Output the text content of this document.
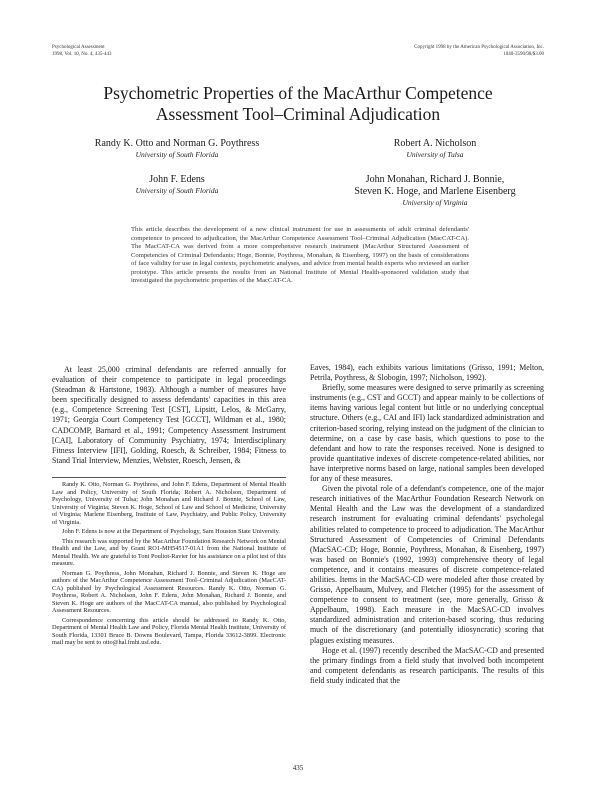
Psychological Assessment
1998, Vol. 10, No. 4, 435-443
Copyright 1998 by the American Psychological Association, Inc.
1040-3590/98/$3.00
Psychometric Properties of the MacArthur Competence
Assessment Tool–Criminal Adjudication
Randy K. Otto and Norman G. Poythress
University of South Florida
Robert A. Nicholson
University of Tulsa
John F. Edens
University of South Florida
John Monahan, Richard J. Bonnie,
Steven K. Hoge, and Marlene Eisenberg
University of Virginia
This article describes the development of a new clinical instrument for use in assessments of adult criminal defendants' competence to proceed to adjudication, the MacArthur Competence Assessment Tool–Criminal Adjudication (MacCAT-CA). The MacCAT-CA was derived from a more comprehensive research instrument (MacArthur Structured Assessment of Competencies of Criminal Defendants; Hoge, Bonnie, Poythress, Monahan, & Eisenberg, 1997) on the basis of considerations of face validity for use in legal contexts, psychometric analyses, and advice from mental health experts who reviewed an earlier prototype. This article presents the results from an National Institute of Mental Health-sponsored validation study that investigated the psychometric properties of the MacCAT-CA.

At least 25,000 criminal defendants are referred annually for evaluation of their competence to participate in legal proceedings (Steadman & Hartstone, 1983). Although a number of measures have been specifically designed to assess defendants' capacities in this area (e.g., Competence Screening Test [CST], Lipsitt, Lelos, & McGarry, 1971; Georgia Court Competency Test [GCCT], Wildman et al., 1980; CADCOMP, Barnard et al., 1991; Competency Assessment Instrument [CAI], Laboratory of Community Psychiatry, 1974; Interdisciplinary Fitness Interview [IFI], Golding, Roesch, & Schreiber, 1984; Fitness to Stand Trial Interview, Menzies, Webster, Roesch, Jensen, &

Randy K. Otto, Norman G. Poythress, and John F. Edens, Department of Mental Health Law and Policy, University of South Florida; Robert A. Nicholson, Department of Psychology, University of Tulsa; John Monahan and Richard J. Bonnie, School of Law, University of Virginia; Steven K. Hoge, School of Law and School of Medicine, University of Virginia; Marlene Eisenberg, Institute of Law, Psychiatry, and Public Policy, University of Virginia.

John F. Edens is now at the Department of Psychology, Sam Houston State University.

This research was supported by the MacArthur Foundation Research Network on Mental Health and the Law, and by Grant RO1-MH54517-01A1 from the National Institute of Mental Health. We are grateful to Toni Pouliot-Ravier for his assistance on a pilot test of this measure.

Norman G. Poythress, John Monahan, Richard J. Bonnie, and Steven K. Hoge are authors of the MacArthur Competence Assessment Tool–Criminal Adjudication (MacCAT-CA) published by Psychological Assessment Resources. Randy K. Otto, Norman G. Poythress, Robert A. Nicholson, John F. Edens, John Monahan, Richard J. Bonnie, and Steven K. Hoge are authors of the MacCAT-CA manual, also published by Psychological Assessment Resources.

Correspondence concerning this article should be addressed to Randy K. Otto, Department of Mental Health Law and Policy, Florida Mental Health Institute, University of South Florida, 13301 Bruce B. Downs Boulevard, Tampa, Florida 33612-3899. Electronic mail may be sent to otto@hal.fmhi.usf.edu.

Eaves, 1984), each exhibits various limitations (Grisso, 1991; Melton, Petrila, Poythress, & Slobogin, 1997; Nicholson, 1992).

Briefly, some measures were designed to serve primarily as screening instruments (e.g., CST and GCCT) and appear mainly to be collections of items having various legal content but little or no underlying conceptual structure. Others (e.g., CAI and IFI) lack standardized administration and criterion-based scoring, relying instead on the judgment of the clinician to determine, on a case by case basis, which questions to pose to the defendant and how to rate the responses received. None is designed to provide quantitative indexes of discrete competence-related abilities, nor have interpretive norms based on large, national samples been developed for any of these measures.

Given the pivotal role of a defendant's competence, one of the major research initiatives of the MacArthur Foundation Research Network on Mental Health and the Law was the development of a standardized research instrument for evaluating criminal defendants' psycholegal abilities related to competence to proceed to adjudication. The MacArthur Structured Assessment of Competencies of Criminal Defendants (MacSAC-CD; Hoge, Bonnie, Poythress, Monahan, & Eisenberg, 1997) was based on Bonnie's (1992, 1993) comprehensive theory of legal competence, and it contains measures of discrete competence-related abilities. Items in the MacSAC-CD were modeled after those created by Grisso, Appelbaum, Mulvey, and Fletcher (1995) for the assessment of competence to consent to treatment (see, more generally, Grisso & Appelbaum, 1998). Each measure in the MacSAC-CD involves standardized administration and criterion-based scoring, thus reducing much of the discretionary (and potentially idiosyncratic) scoring that plagues existing measures.

Hoge et al. (1997) recently described the MacSAC-CD and presented the primary findings from a field study that involved both incompetent and competent defendants as research participants. The results of this field study indicated that the

435
